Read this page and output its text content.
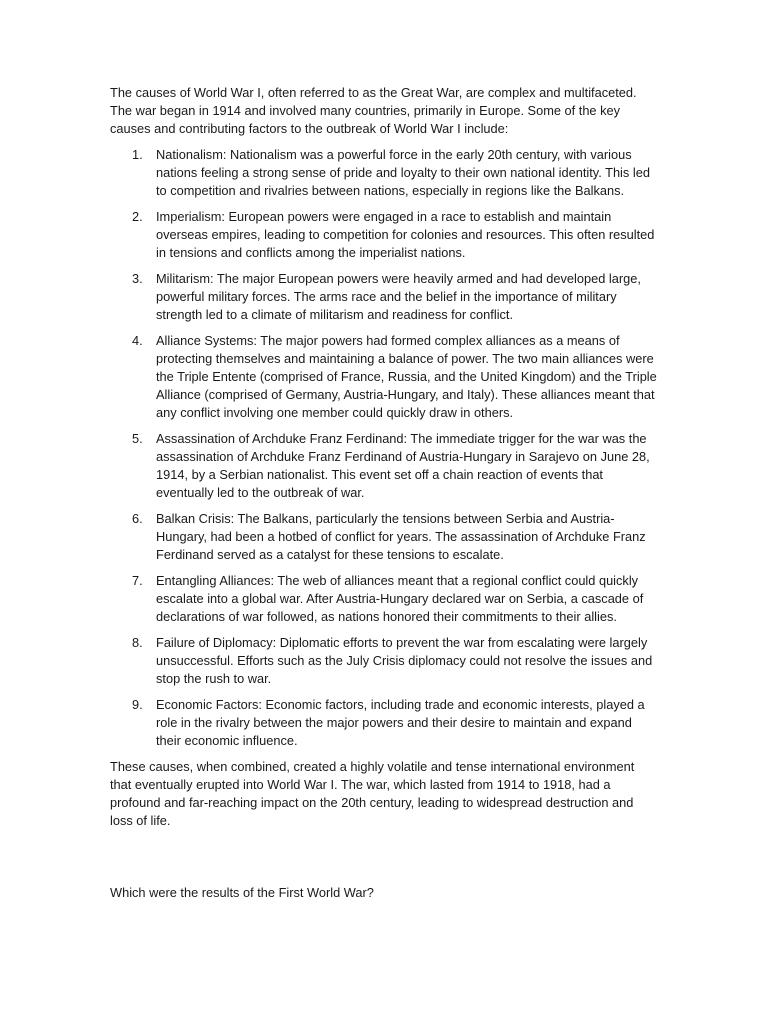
The causes of World War I, often referred to as the Great War, are complex and multifaceted. The war began in 1914 and involved many countries, primarily in Europe. Some of the key causes and contributing factors to the outbreak of World War I include:

1.	Nationalism: Nationalism was a powerful force in the early 20th century, with various nations feeling a strong sense of pride and loyalty to their own national identity. This led to competition and rivalries between nations, especially in regions like the Balkans.
2.	Imperialism: European powers were engaged in a race to establish and maintain overseas empires, leading to competition for colonies and resources. This often resulted in tensions and conflicts among the imperialist nations.
3.	Militarism: The major European powers were heavily armed and had developed large, powerful military forces. The arms race and the belief in the importance of military strength led to a climate of militarism and readiness for conflict.
4.	Alliance Systems: The major powers had formed complex alliances as a means of protecting themselves and maintaining a balance of power. The two main alliances were the Triple Entente (comprised of France, Russia, and the United Kingdom) and the Triple Alliance (comprised of Germany, Austria-Hungary, and Italy). These alliances meant that any conflict involving one member could quickly draw in others.
5.	Assassination of Archduke Franz Ferdinand: The immediate trigger for the war was the assassination of Archduke Franz Ferdinand of Austria-Hungary in Sarajevo on June 28, 1914, by a Serbian nationalist. This event set off a chain reaction of events that eventually led to the outbreak of war.
6.	Balkan Crisis: The Balkans, particularly the tensions between Serbia and Austria-Hungary, had been a hotbed of conflict for years. The assassination of Archduke Franz Ferdinand served as a catalyst for these tensions to escalate.
7.	Entangling Alliances: The web of alliances meant that a regional conflict could quickly escalate into a global war. After Austria-Hungary declared war on Serbia, a cascade of declarations of war followed, as nations honored their commitments to their allies.
8.	Failure of Diplomacy: Diplomatic efforts to prevent the war from escalating were largely unsuccessful. Efforts such as the July Crisis diplomacy could not resolve the issues and stop the rush to war.
9.	Economic Factors: Economic factors, including trade and economic interests, played a role in the rivalry between the major powers and their desire to maintain and expand their economic influence.

These causes, when combined, created a highly volatile and tense international environment that eventually erupted into World War I. The war, which lasted from 1914 to 1918, had a profound and far-reaching impact on the 20th century, leading to widespread destruction and loss of life.

Which were the results of the First World War?
